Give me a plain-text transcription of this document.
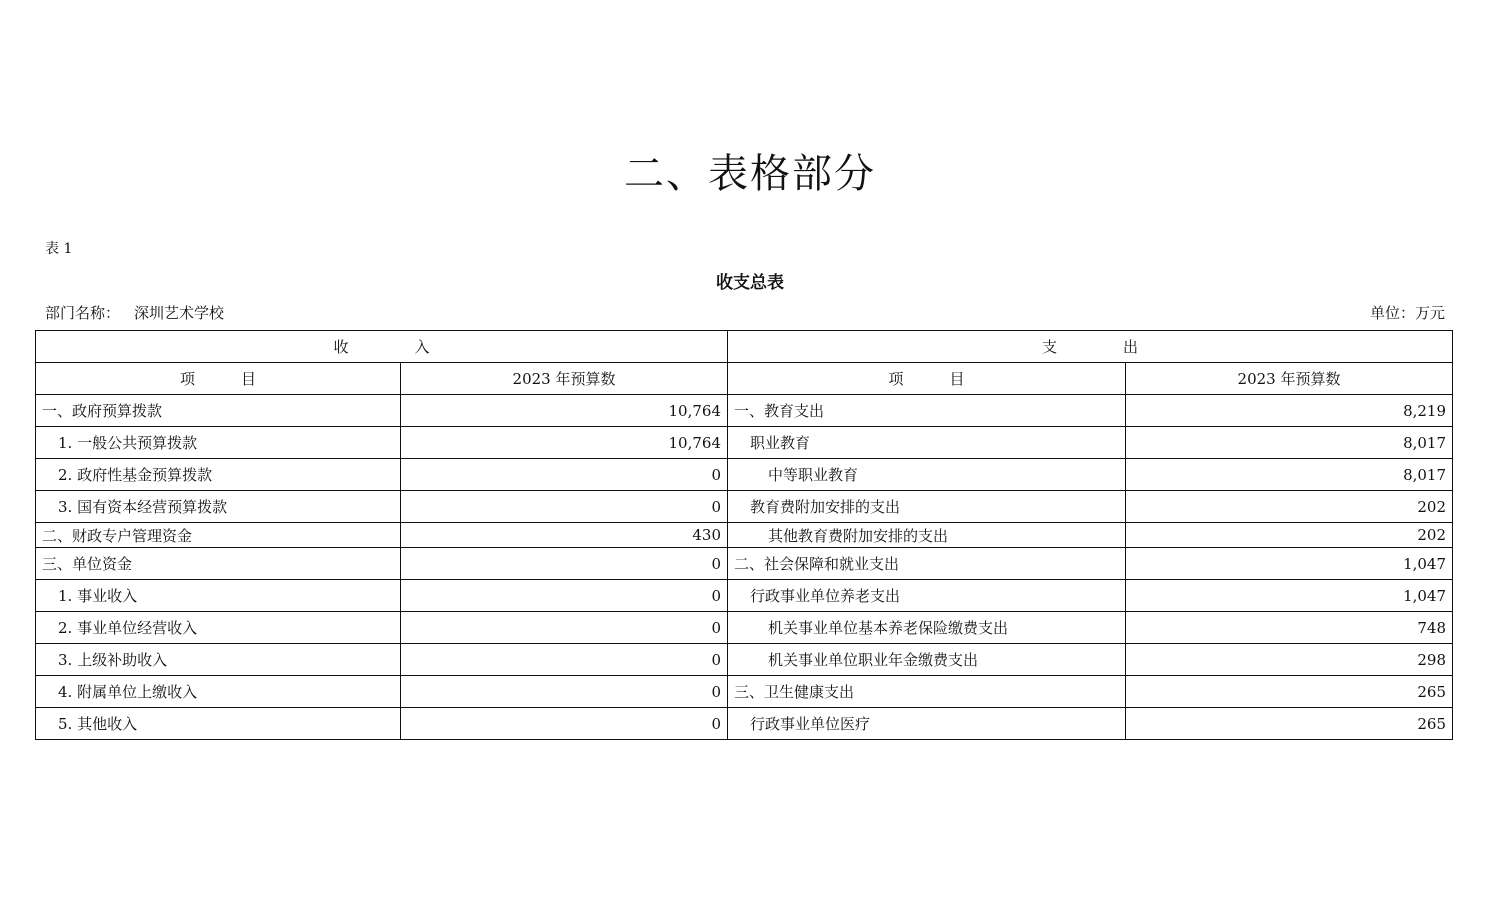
二、表格部分
表 1
收支总表
部门名称： 深圳艺术学校	单位：万元
收入		支出	
项目	2023 年预算数	项目	2023 年预算数
一、政府预算拨款	10,764	一、教育支出	8,219
1. 一般公共预算拨款	10,764	职业教育	8,017
2. 政府性基金预算拨款	0	中等职业教育	8,017
3. 国有资本经营预算拨款	0	教育费附加安排的支出	202
二、财政专户管理资金	430	其他教育费附加安排的支出	202
三、单位资金	0	二、社会保障和就业支出	1,047
1. 事业收入	0	行政事业单位养老支出	1,047
2. 事业单位经营收入	0	机关事业单位基本养老保险缴费支出	748
3. 上级补助收入	0	机关事业单位职业年金缴费支出	298
4. 附属单位上缴收入	0	三、卫生健康支出	265
5. 其他收入	0	行政事业单位医疗	265
